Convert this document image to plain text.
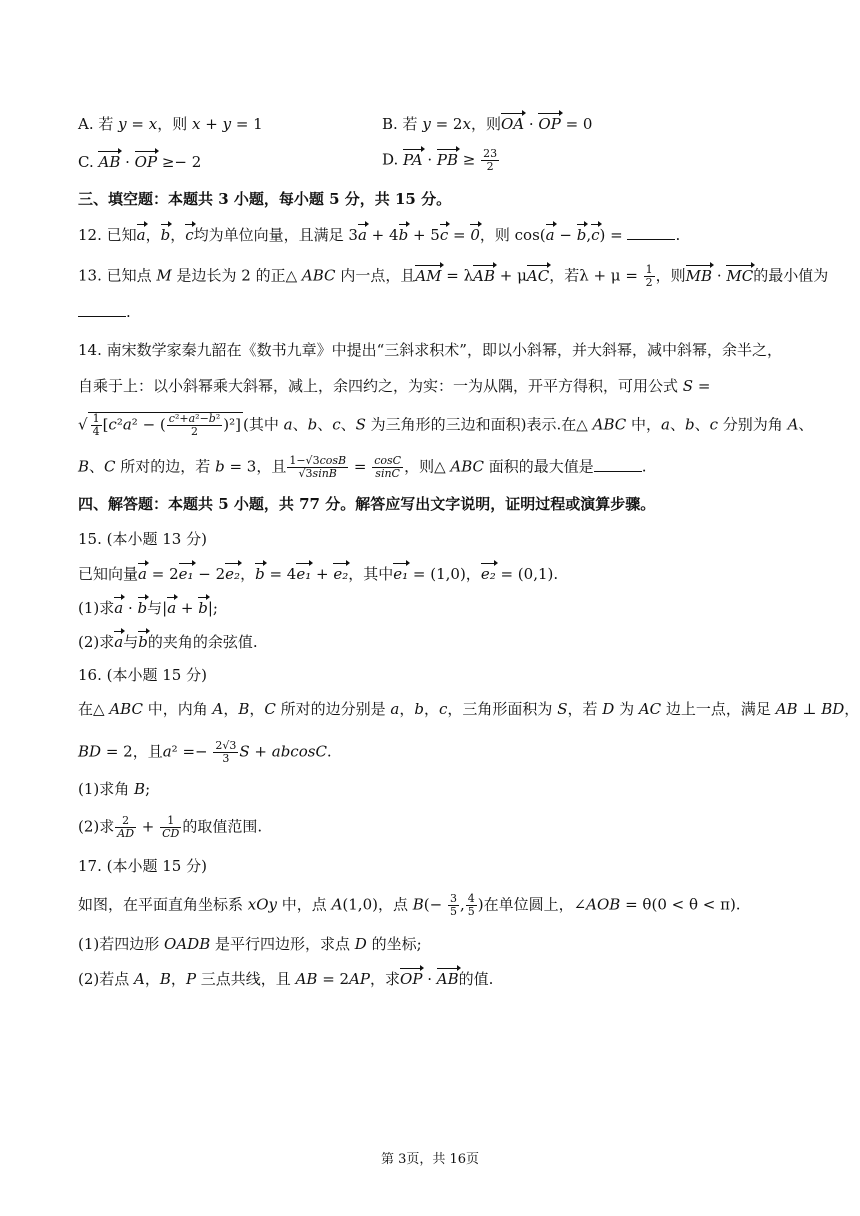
A. 若 y = x，则 x + y = 1	B. 若 y = 2x，则OA · OP = 0
C. AB · OP ≥− 2	D. PA · PB ≥ $\frac{23}{2}$
三、填空题：本题共 3 小题，每小题 5 分，共 15 分。
12. 已知a，b，c均为单位向量，且满足 3a + 4b + 5c = 0，则 cos(a − b,c) =	.
13. 已知点 M 是边长为 2 的正△ ABC 内一点，且AM = λAB + μAC，若$\lambda + \mu = \frac{1}{2}$ ，则MB · MC的最小值为
.
14. 南宋数学家秦九韶在《数书九章》中提出“三斜求积术”，即以小斜幂，并大斜幂，减中斜幂，余半之，
自乘于上：以小斜幂乘大斜幂，减上，余四约之，为实：一为从隅，开平方得积，可用公式 S =
√ $\frac{1}{4} [c^2a^2$ − ( $\frac{\text{c²+a²−b²}}{2} )^2$] (其中 a、b、c、S 为三角形的三边和面积)表示.在△ ABC 中，a、b、c 分别为角 A、
B、C 所对的边，若 b = 3，且 $\frac{1-√3\cos B}{√3\sin B} = \frac{\cos C}{\sin C}$ ，则△ ABC 面积的最大值是	.
四、解答题：本题共 5 小题，共 77 分。解答应写出文字说明，证明过程或演算步骤。
15. (本小题 13 分)
已知向量a = 2e₁ − 2e₂，b = 4e₁ + e₂，其中e₁ = (1,0)，e₂ = (0,1).
(1)求a · b与|a + b|;
(2)求a与b的夹角的余弦值.
16. (本小题 15 分)
在△ ABC 中，内角 A，B，C 所对的边分别是 a，b，c，三角形面积为 S，若 D 为 AC 边上一点，满足 AB ⊥ BD，
BD = 2，且$a^2 =- \frac{2√3}{3}$ S + abcosC.
(1)求角 B;
(2)求 $\frac{2}{AD} + \frac{1}{CD}$ 的取值范围.
17. (本小题 15 分)
如图，在平面直角坐标系 xOy 中，点 A(1,0)，点 $B(- \frac{3}{5}$ , $\frac{4}{5}$ )在单位圆上，∠AOB = θ(0 < θ < π).
(1)若四边形 OADB 是平行四边形，求点 D 的坐标;
(2)若点 A，B，P 三点共线，且 AB = 2AP，求OP · AB的值.
第 3页，共 16页
